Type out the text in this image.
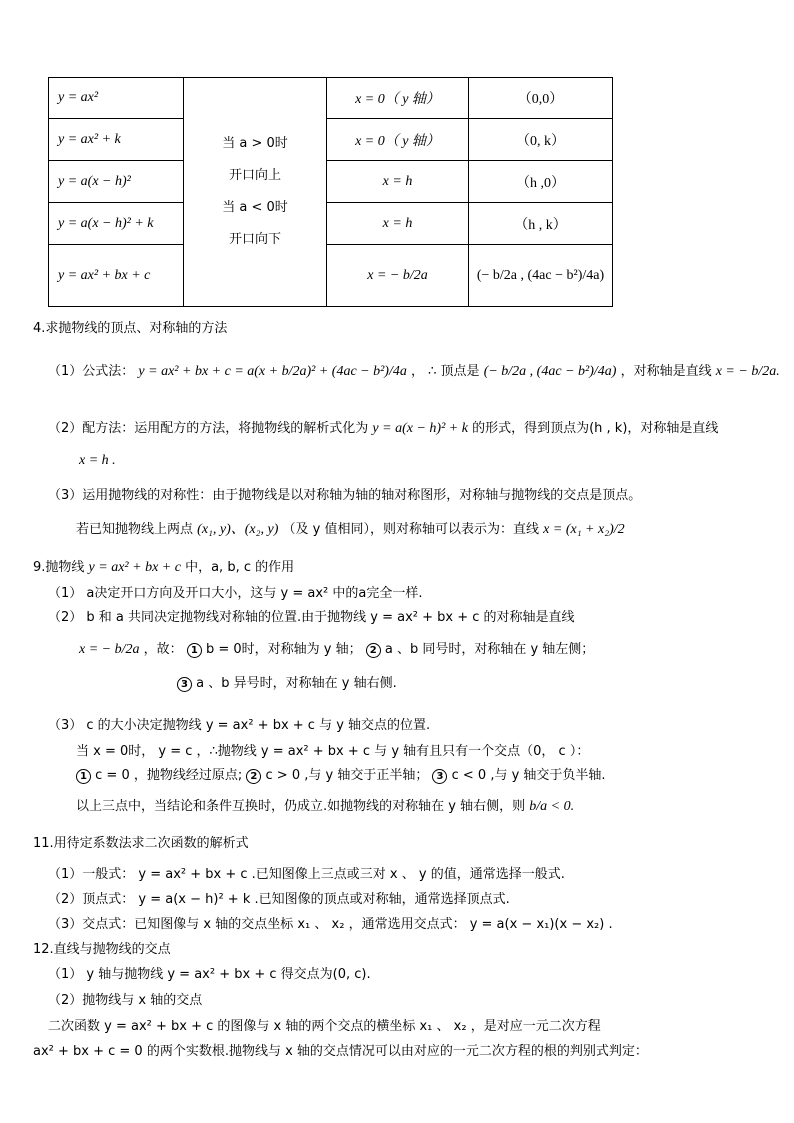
y = ax²	当 a > 0时
开口向上
当 a < 0时
开口向下	x = 0（ y 轴）	（0,0）
y = ax² + k		x = 0（ y 轴）	（0, k）
y = a(x − h)²		x = h	（h ,0）
y = a(x − h)² + k		x = h	（h , k）
y = ax² + bx + c		x = − b/2a	(− b/2a , (4ac − b²)/4a)
4.求抛物线的顶点、对称轴的方法
（1）公式法： y = ax² + bx + c = a(x + b/2a)² + (4ac − b²)/4a ， ∴ 顶点是 (− b/2a , (4ac − b²)/4a) ，对称轴是直线 x = − b/2a.
（2）配方法：运用配方的方法，将抛物线的解析式化为 y = a(x − h)² + k 的形式，得到顶点为(h , k)，对称轴是直线
x = h .
（3）运用抛物线的对称性：由于抛物线是以对称轴为轴的轴对称图形，对称轴与抛物线的交点是顶点。
若已知抛物线上两点 (x₁, y)、(x₂, y) （及 y 值相同），则对称轴可以表示为：直线 x = (x₁ + x₂)/2
9.抛物线 y = ax² + bx + c 中，a, b, c 的作用
（1） a决定开口方向及开口大小，这与 y = ax² 中的a完全一样.
（2） b 和 a 共同决定抛物线对称轴的位置.由于抛物线 y = ax² + bx + c 的对称轴是直线
x = − b/2a ，故： 1 b = 0时，对称轴为 y 轴； 2 a 、b 同号时，对称轴在 y 轴左侧；
3 a 、b 异号时，对称轴在 y 轴右侧.
（3） c 的大小决定抛物线 y = ax² + bx + c 与 y 轴交点的位置.
当 x = 0时， y = c ，∴抛物线 y = ax² + bx + c 与 y 轴有且只有一个交点（0， c ）：
1 c = 0 ，抛物线经过原点; 2 c > 0 ,与 y 轴交于正半轴； 3 c < 0 ,与 y 轴交于负半轴.
以上三点中，当结论和条件互换时，仍成立.如抛物线的对称轴在 y 轴右侧，则 b/a < 0.
11.用待定系数法求二次函数的解析式
（1）一般式： y = ax² + bx + c .已知图像上三点或三对 x 、 y 的值，通常选择一般式.
（2）顶点式： y = a(x − h)² + k .已知图像的顶点或对称轴，通常选择顶点式.
（3）交点式：已知图像与 x 轴的交点坐标 x₁ 、 x₂ ，通常选用交点式： y = a(x − x₁)(x − x₂) .
12.直线与抛物线的交点
（1） y 轴与抛物线 y = ax² + bx + c 得交点为(0, c).
（2）抛物线与 x 轴的交点
二次函数 y = ax² + bx + c 的图像与 x 轴的两个交点的横坐标 x₁ 、 x₂ ，是对应一元二次方程
ax² + bx + c = 0 的两个实数根.抛物线与 x 轴的交点情况可以由对应的一元二次方程的根的判别式判定：
